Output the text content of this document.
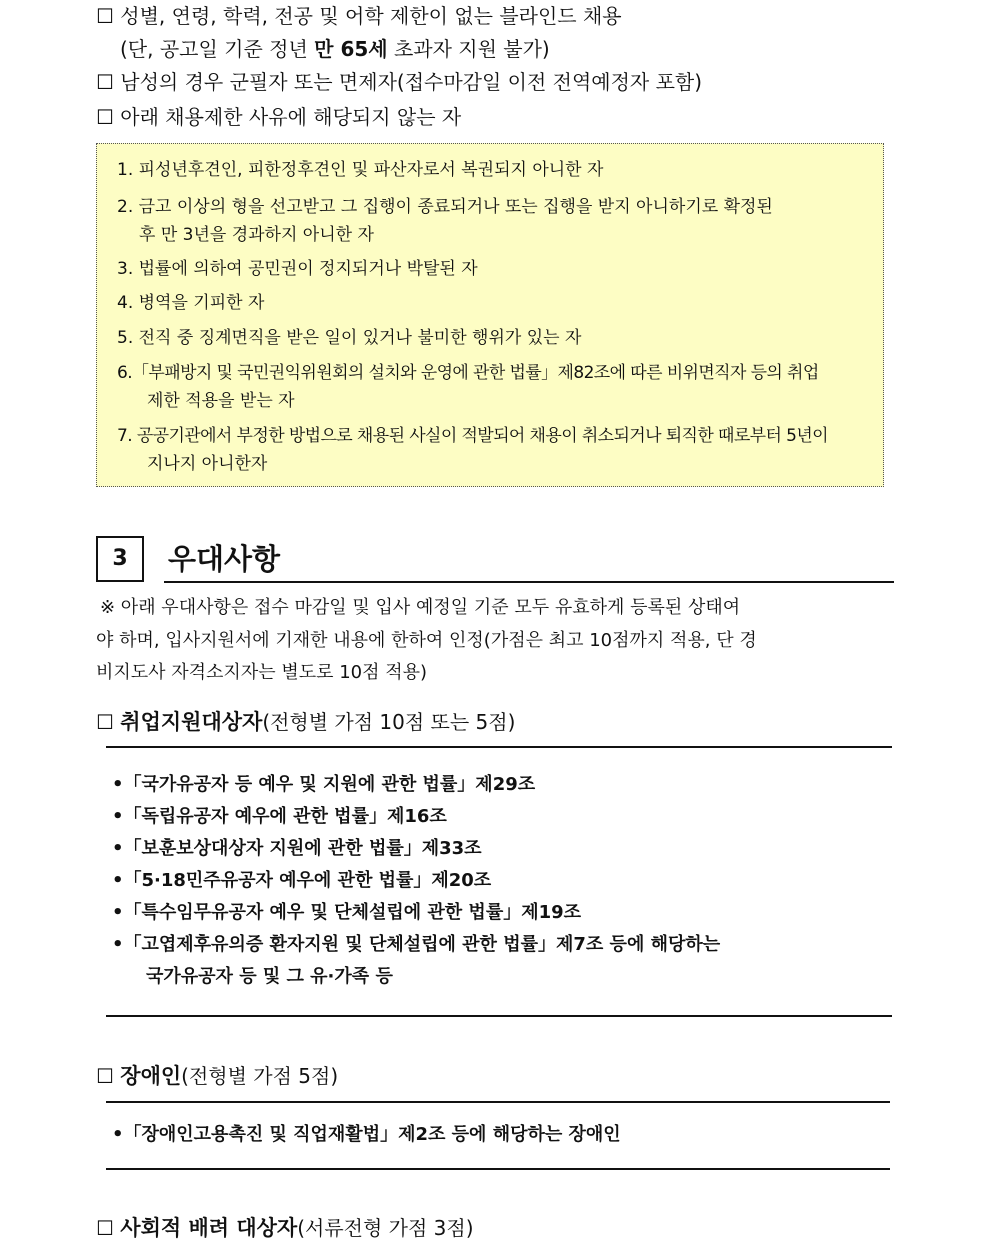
☐ 성별, 연령, 학력, 전공 및 어학 제한이 없는 블라인드 채용
(단, 공고일 기준 정년 만 65세 초과자 지원 불가)
☐ 남성의 경우 군필자 또는 면제자(접수마감일 이전 전역예정자 포함)
☐ 아래 채용제한 사유에 해당되지 않는 자
1. 피성년후견인, 피한정후견인 및 파산자로서 복권되지 아니한 자
2. 금고 이상의 형을 선고받고 그 집행이 종료되거나 또는 집행을 받지 아니하기로 확정된
후 만 3년을 경과하지 아니한 자
3. 법률에 의하여 공민권이 정지되거나 박탈된 자
4. 병역을 기피한 자
5. 전직 중 징계면직을 받은 일이 있거나 불미한 행위가 있는 자
6.「부패방지 및 국민권익위원회의 설치와 운영에 관한 법률」제82조에 따른 비위면직자 등의 취업
제한 적용을 받는 자
7. 공공기관에서 부정한 방법으로 채용된 사실이 적발되어 채용이 취소되거나 퇴직한 때로부터 5년이
지나지 아니한자
3	우대사항
※ 아래 우대사항은 접수 마감일 및 입사 예정일 기준 모두 유효하게 등록된 상태여
야 하며, 입사지원서에 기재한 내용에 한하여 인정(가점은 최고 10점까지 적용, 단 경
비지도사 자격소지자는 별도로 10점 적용)
☐ 취업지원대상자(전형별 가점 10점 또는 5점)
•「국가유공자 등 예우 및 지원에 관한 법률」제29조
•「독립유공자 예우에 관한 법률」제16조
•「보훈보상대상자 지원에 관한 법률」제33조
•「5·18민주유공자 예우에 관한 법률」제20조
•「특수임무유공자 예우 및 단체설립에 관한 법률」제19조
•「고엽제후유의증 환자지원 및 단체설립에 관한 법률」제7조 등에 해당하는
국가유공자 등 및 그 유·가족 등
☐ 장애인(전형별 가점 5점)
•「장애인고용촉진 및 직업재활법」제2조 등에 해당하는 장애인
☐ 사회적 배려 대상자(서류전형 가점 3점)
